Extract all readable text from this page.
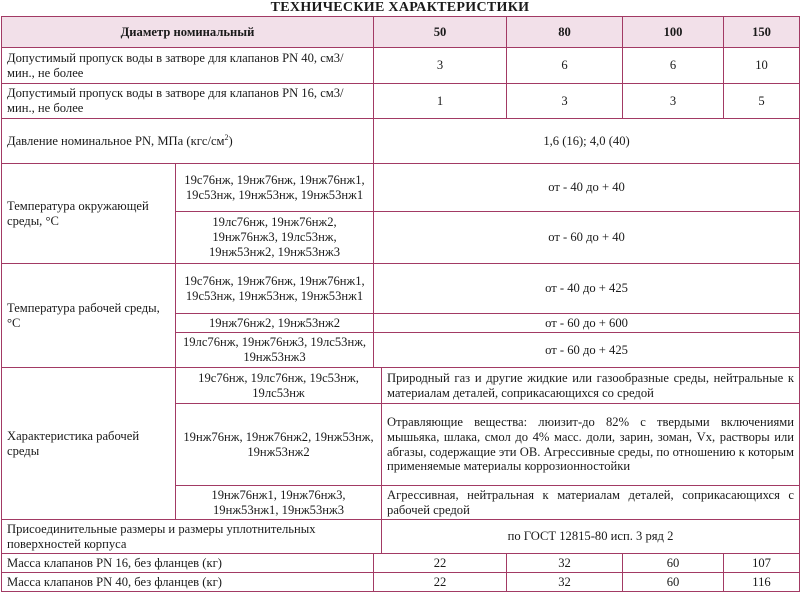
ТЕХНИЧЕСКИЕ ХАРАКТЕРИСТИКИ
Диаметр номинальный		50		80	100	150
Допустимый пропуск воды в затворе для клапанов PN 40, см3/мин., не более		3		6	6	10
Допустимый пропуск воды в затворе для клапанов PN 16, см3/мин., не более		1		3	3	5
Давление номинальное PN, МПа $(кгс/см^2)$		1,6 (16); 4,0 (40)				
Температура окружающей среды, °С	19с76нж, 19нж76нж, 19нж76нж1, 19с53нж, 19нж53нж, 19нж53нж1	от - 40 до + 40				
	19лс76нж, 19нж76нж2, 19нж76нж3, 19лс53нж, 19нж53нж2, 19нж53нж3	от - 60 до + 40				
Температура рабочей среды, °С	19с76нж, 19нж76нж, 19нж76нж1, 19с53нж, 19нж53нж, 19нж53нж1	от - 40 до + 425				
	19нж76нж2, 19нж53нж2	от - 60 до + 600				
	19лс76нж, 19нж76нж3, 19лс53нж, 19нж53нж3	от - 60 до + 425				
Характеристика рабочей среды	19с76нж, 19лс76нж, 19с53нж, 19лс53нж		Природный газ и другие жидкие или газообразные среды, нейтральные к материалам деталей, соприкасающихся со средой			
	19нж76нж, 19нж76нж2, 19нж53нж, 19нж53нж2		Отравляющие вещества: люизит-до 82% с твердыми включениями мышьяка, шлака, смол до 4% масс. доли, зарин, зоман, Vx, растворы или абгазы, содержащие эти ОВ. Агрессивные среды, по отношению к которым применяемые материалы коррозионностойки			
	19нж76нж1, 19нж76нж3, 19нж53нж1, 19нж53нж3		Агрессивная, нейтральная к материалам деталей, соприкасающихся с рабочей средой			
Присоединительные размеры и размеры уплотнительных поверхностей корпуса			по ГОСТ 12815-80 исп. 3 ряд 2			
Масса клапанов PN 16, без фланцев (кг)		22		32	60	107
Масса клапанов PN 40, без фланцев (кг)		22		32	60	116
